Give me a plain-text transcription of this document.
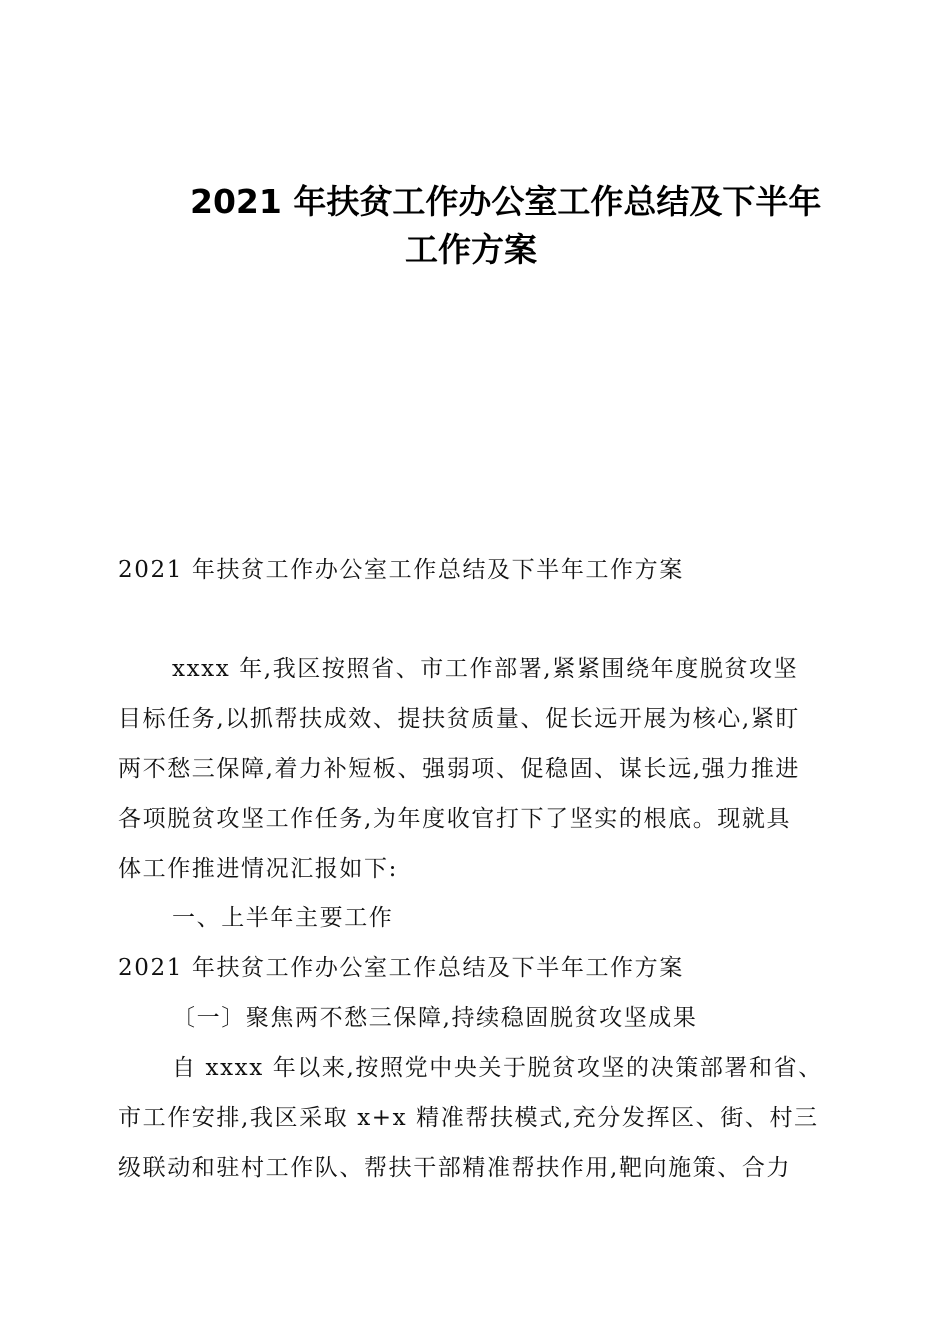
2021 年扶贫工作办公室工作总结及下半年
工作方案
2021 年扶贫工作办公室工作总结及下半年工作方案
xxxx 年,我区按照省、市工作部署,紧紧围绕年度脱贫攻坚
目标任务,以抓帮扶成效、提扶贫质量、促长远开展为核心,紧盯
两不愁三保障,着力补短板、强弱项、促稳固、谋长远,强力推进
各项脱贫攻坚工作任务,为年度收官打下了坚实的根底。现就具
体工作推进情况汇报如下:
一、上半年主要工作
2021 年扶贫工作办公室工作总结及下半年工作方案
〔一〕聚焦两不愁三保障,持续稳固脱贫攻坚成果
自 xxxx 年以来,按照党中央关于脱贫攻坚的决策部署和省、
市工作安排,我区采取 x+x 精准帮扶模式,充分发挥区、街、村三
级联动和驻村工作队、帮扶干部精准帮扶作用,靶向施策、合力
